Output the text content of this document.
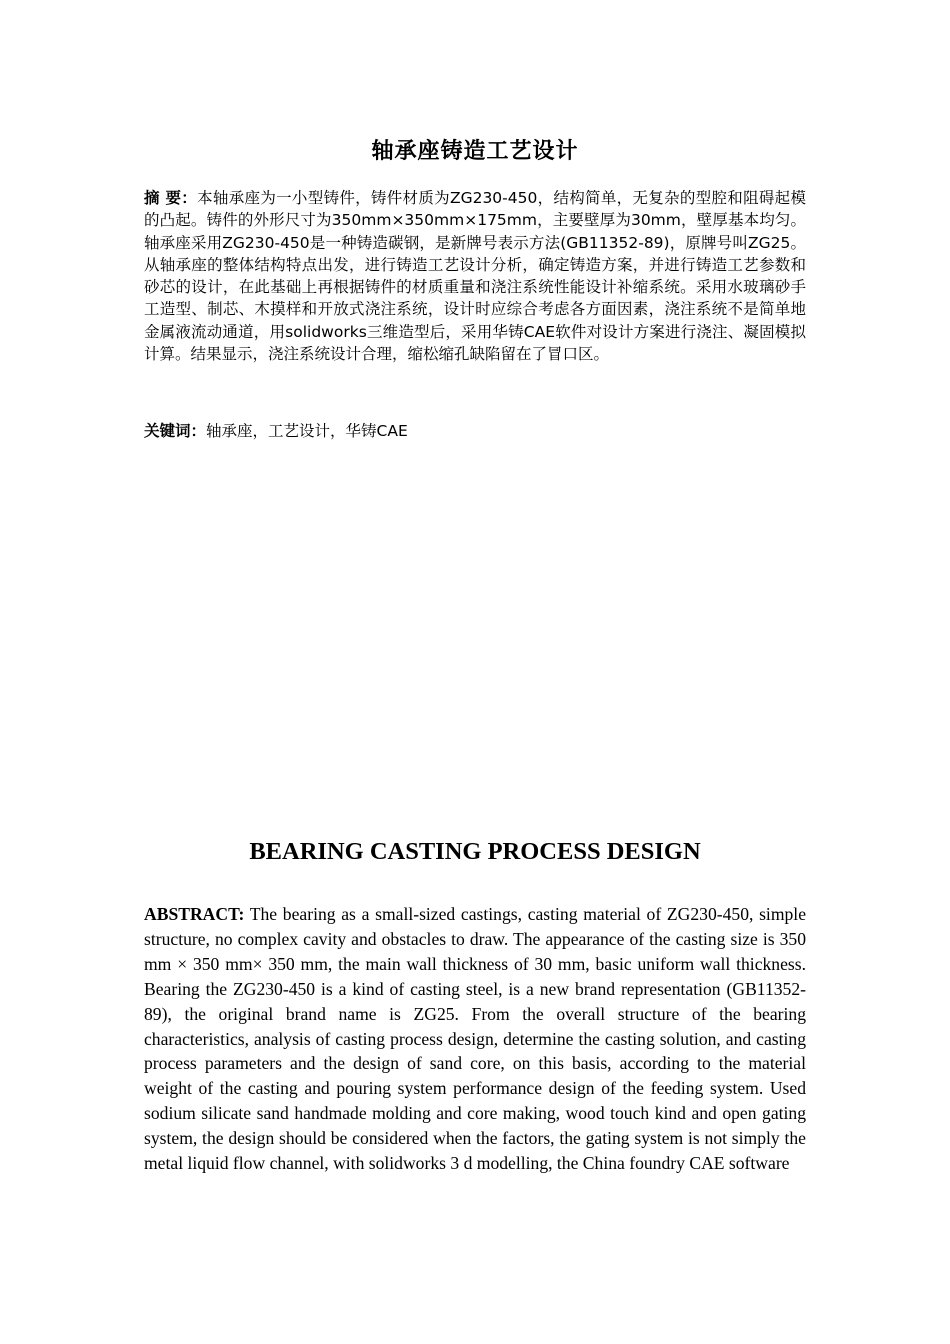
轴承座铸造工艺设计

摘 要：本轴承座为一小型铸件，铸件材质为ZG230-450，结构简单，无复杂的型腔和阻碍起模的凸起。铸件的外形尺寸为350mm×350mm×175mm，主要壁厚为30mm，壁厚基本均匀。轴承座采用ZG230-450是一种铸造碳钢，是新牌号表示方法(GB11352-89)，原牌号叫ZG25。从轴承座的整体结构特点出发，进行铸造工艺设计分析，确定铸造方案，并进行铸造工艺参数和砂芯的设计，在此基础上再根据铸件的材质重量和浇注系统性能设计补缩系统。采用水玻璃砂手工造型、制芯、木摸样和开放式浇注系统，设计时应综合考虑各方面因素，浇注系统不是简单地金属液流动通道，用solidworks三维造型后，采用华铸CAE软件对设计方案进行浇注、凝固模拟计算。结果显示，浇注系统设计合理，缩松缩孔缺陷留在了冒口区。

关键词：轴承座，工艺设计，华铸CAE

BEARING CASTING PROCESS DESIGN

ABSTRACT: The bearing as a small-sized castings, casting material of ZG230-450, simple structure, no complex cavity and obstacles to draw. The appearance of the casting size is 350 mm × 350 mm× 350 mm, the main wall thickness of 30 mm, basic uniform wall thickness. Bearing the ZG230-450 is a kind of casting steel, is a new brand representation (GB11352-89), the original brand name is ZG25. From the overall structure of the bearing characteristics, analysis of casting process design, determine the casting solution, and casting process parameters and the design of sand core, on this basis, according to the material weight of the casting and pouring system performance design of the feeding system. Used sodium silicate sand handmade molding and core making, wood touch kind and open gating system, the design should be considered when the factors, the gating system is not simply the metal liquid flow channel, with solidworks 3 d modelling, the China foundry CAE software
